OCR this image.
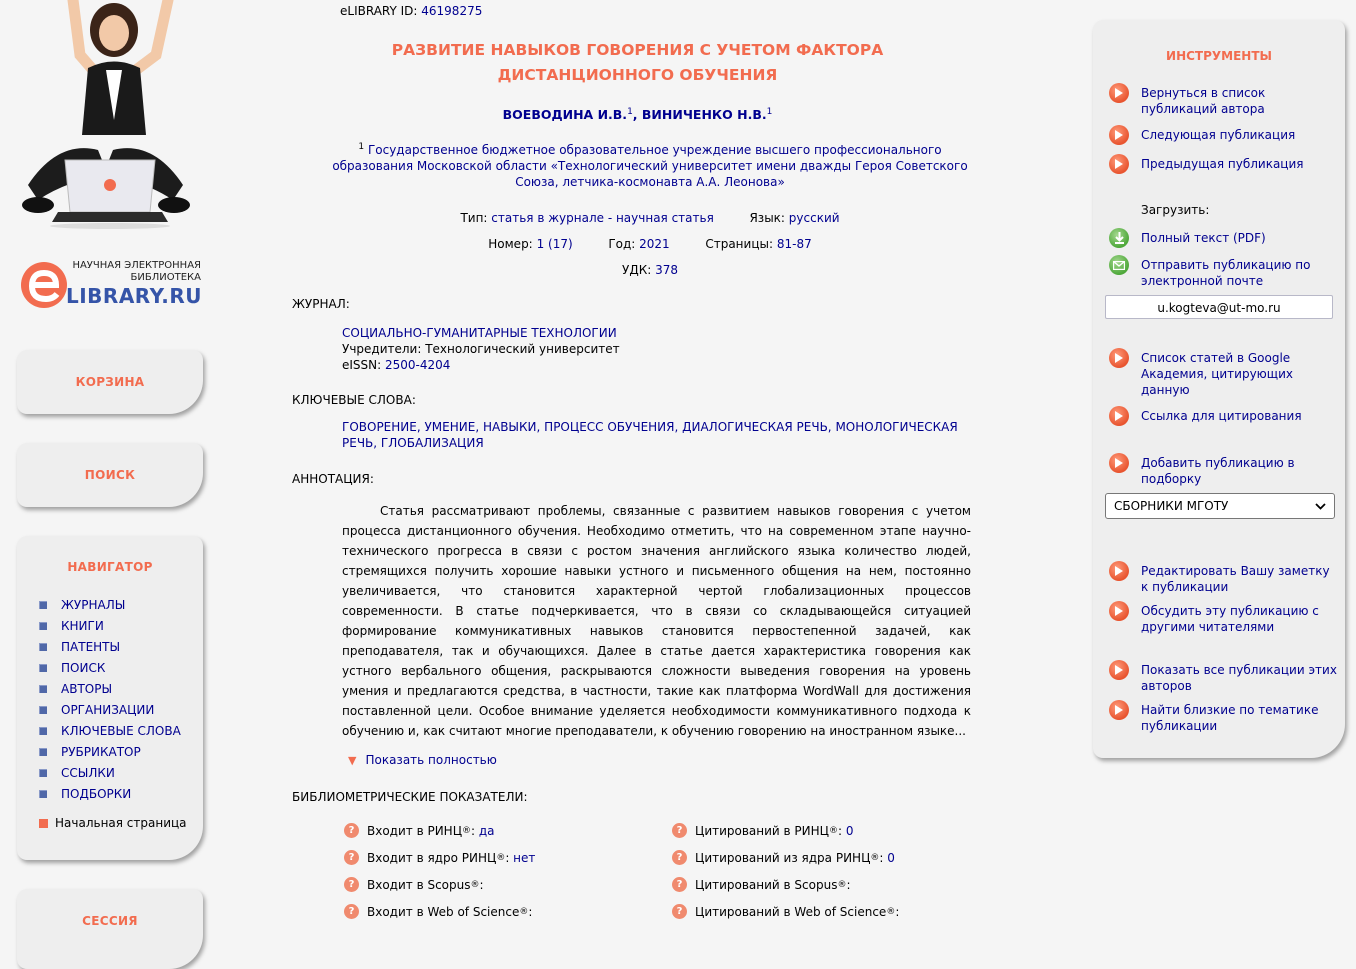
НАУЧНАЯ ЭЛЕКТРОННАЯ
БИБЛИОТЕКА
LIBRARY.RU
КОРЗИНА
ПОИСК
НАВИГАТОР
ЖУРНАЛЫ
КНИГИ
ПАТЕНТЫ
ПОИСК
АВТОРЫ
ОРГАНИЗАЦИИ
КЛЮЧЕВЫЕ СЛОВА
РУБРИКАТОР
ССЫЛКИ
ПОДБОРКИ
Начальная страница
СЕССИЯ
eLIBRARY ID: 46198275
РАЗВИТИЕ НАВЫКОВ ГОВОРЕНИЯ С УЧЕТОМ ФАКТОРА
ДИСТАНЦИОННОГО ОБУЧЕНИЯ
ВОЕВОДИНА И.В.$^1$, ВИНИЧЕНКО Н.В.$^1$
$^1$ Государственное бюджетное образовательное учреждение высшего профессионального образования Московской области «Технологический университет имени дважды Героя Советского Союза, летчика-космонавта А.А. Леонова»
Тип: статья в журнале - научная статья	Язык: русский
Номер: 1 (17)	Год: 2021	Страницы: 81-87
УДК: 378
ЖУРНАЛ:
СОЦИАЛЬНО-ГУМАНИТАРНЫЕ ТЕХНОЛОГИИ
Учредители: Технологический университет
eISSN: 2500-4204
КЛЮЧЕВЫЕ СЛОВА:
ГОВОРЕНИЕ, УМЕНИЕ, НАВЫКИ, ПРОЦЕСС ОБУЧЕНИЯ, ДИАЛОГИЧЕСКАЯ РЕЧЬ, МОНОЛОГИЧЕСКАЯ РЕЧЬ, ГЛОБАЛИЗАЦИЯ
АННОТАЦИЯ:
Статья рассматривают проблемы, связанные с развитием навыков говорения с учетом процесса дистанционного обучения. Необходимо отметить, что на современном этапе научно-технического прогресса в связи с ростом значения английского языка количество людей, стремящихся получить хорошие навыки устного и письменного общения на нем, постоянно увеличивается, что становится характерной чертой глобализационных процессов современности. В статье подчеркивается, что в связи со складывающейся ситуацией формирование коммуникативных навыков становится первостепенной задачей, как преподавателя, так и обучающихся. Далее в статье дается характеристика говорения как устного вербального общения, раскрываются сложности выведения говорения на уровень умения и предлагаются средства, в частности, такие как платформа WordWall для достижения поставленной цели. Особое внимание уделяется необходимости коммуникативного подхода к обучению и, как считают многие преподаватели, к обучению говорению на иностранном языке...
▼ Показать полностью
БИБЛИОМЕТРИЧЕСКИЕ ПОКАЗАТЕЛИ:
?	Входит в РИНЦ ® : да
?	Входит в ядро РИНЦ ® : нет
?	Входит в Scopus ® :
?	Входит в Web of Science ® :
?	Цитирований в РИНЦ ® : 0
?	Цитирований из ядра РИНЦ ® : 0
?	Цитирований в Scopus ® :
?	Цитирований в Web of Science ® :
ИНСТРУМЕНТЫ
Вернуться в список публикаций автора
Следующая публикация
Предыдущая публикация
Загрузить:
Полный текст (PDF)
Отправить публикацию по электронной почте
u.kogteva@ut-mo.ru
Список статей в Google Академия, цитирующих данную
Ссылка для цитирования
Добавить публикацию в подборку
СБОРНИКИ МГОТУ
Редактировать Вашу заметку к публикации
Обсудить эту публикацию с другими читателями
Показать все публикации этих авторов
Найти близкие по тематике публикации
